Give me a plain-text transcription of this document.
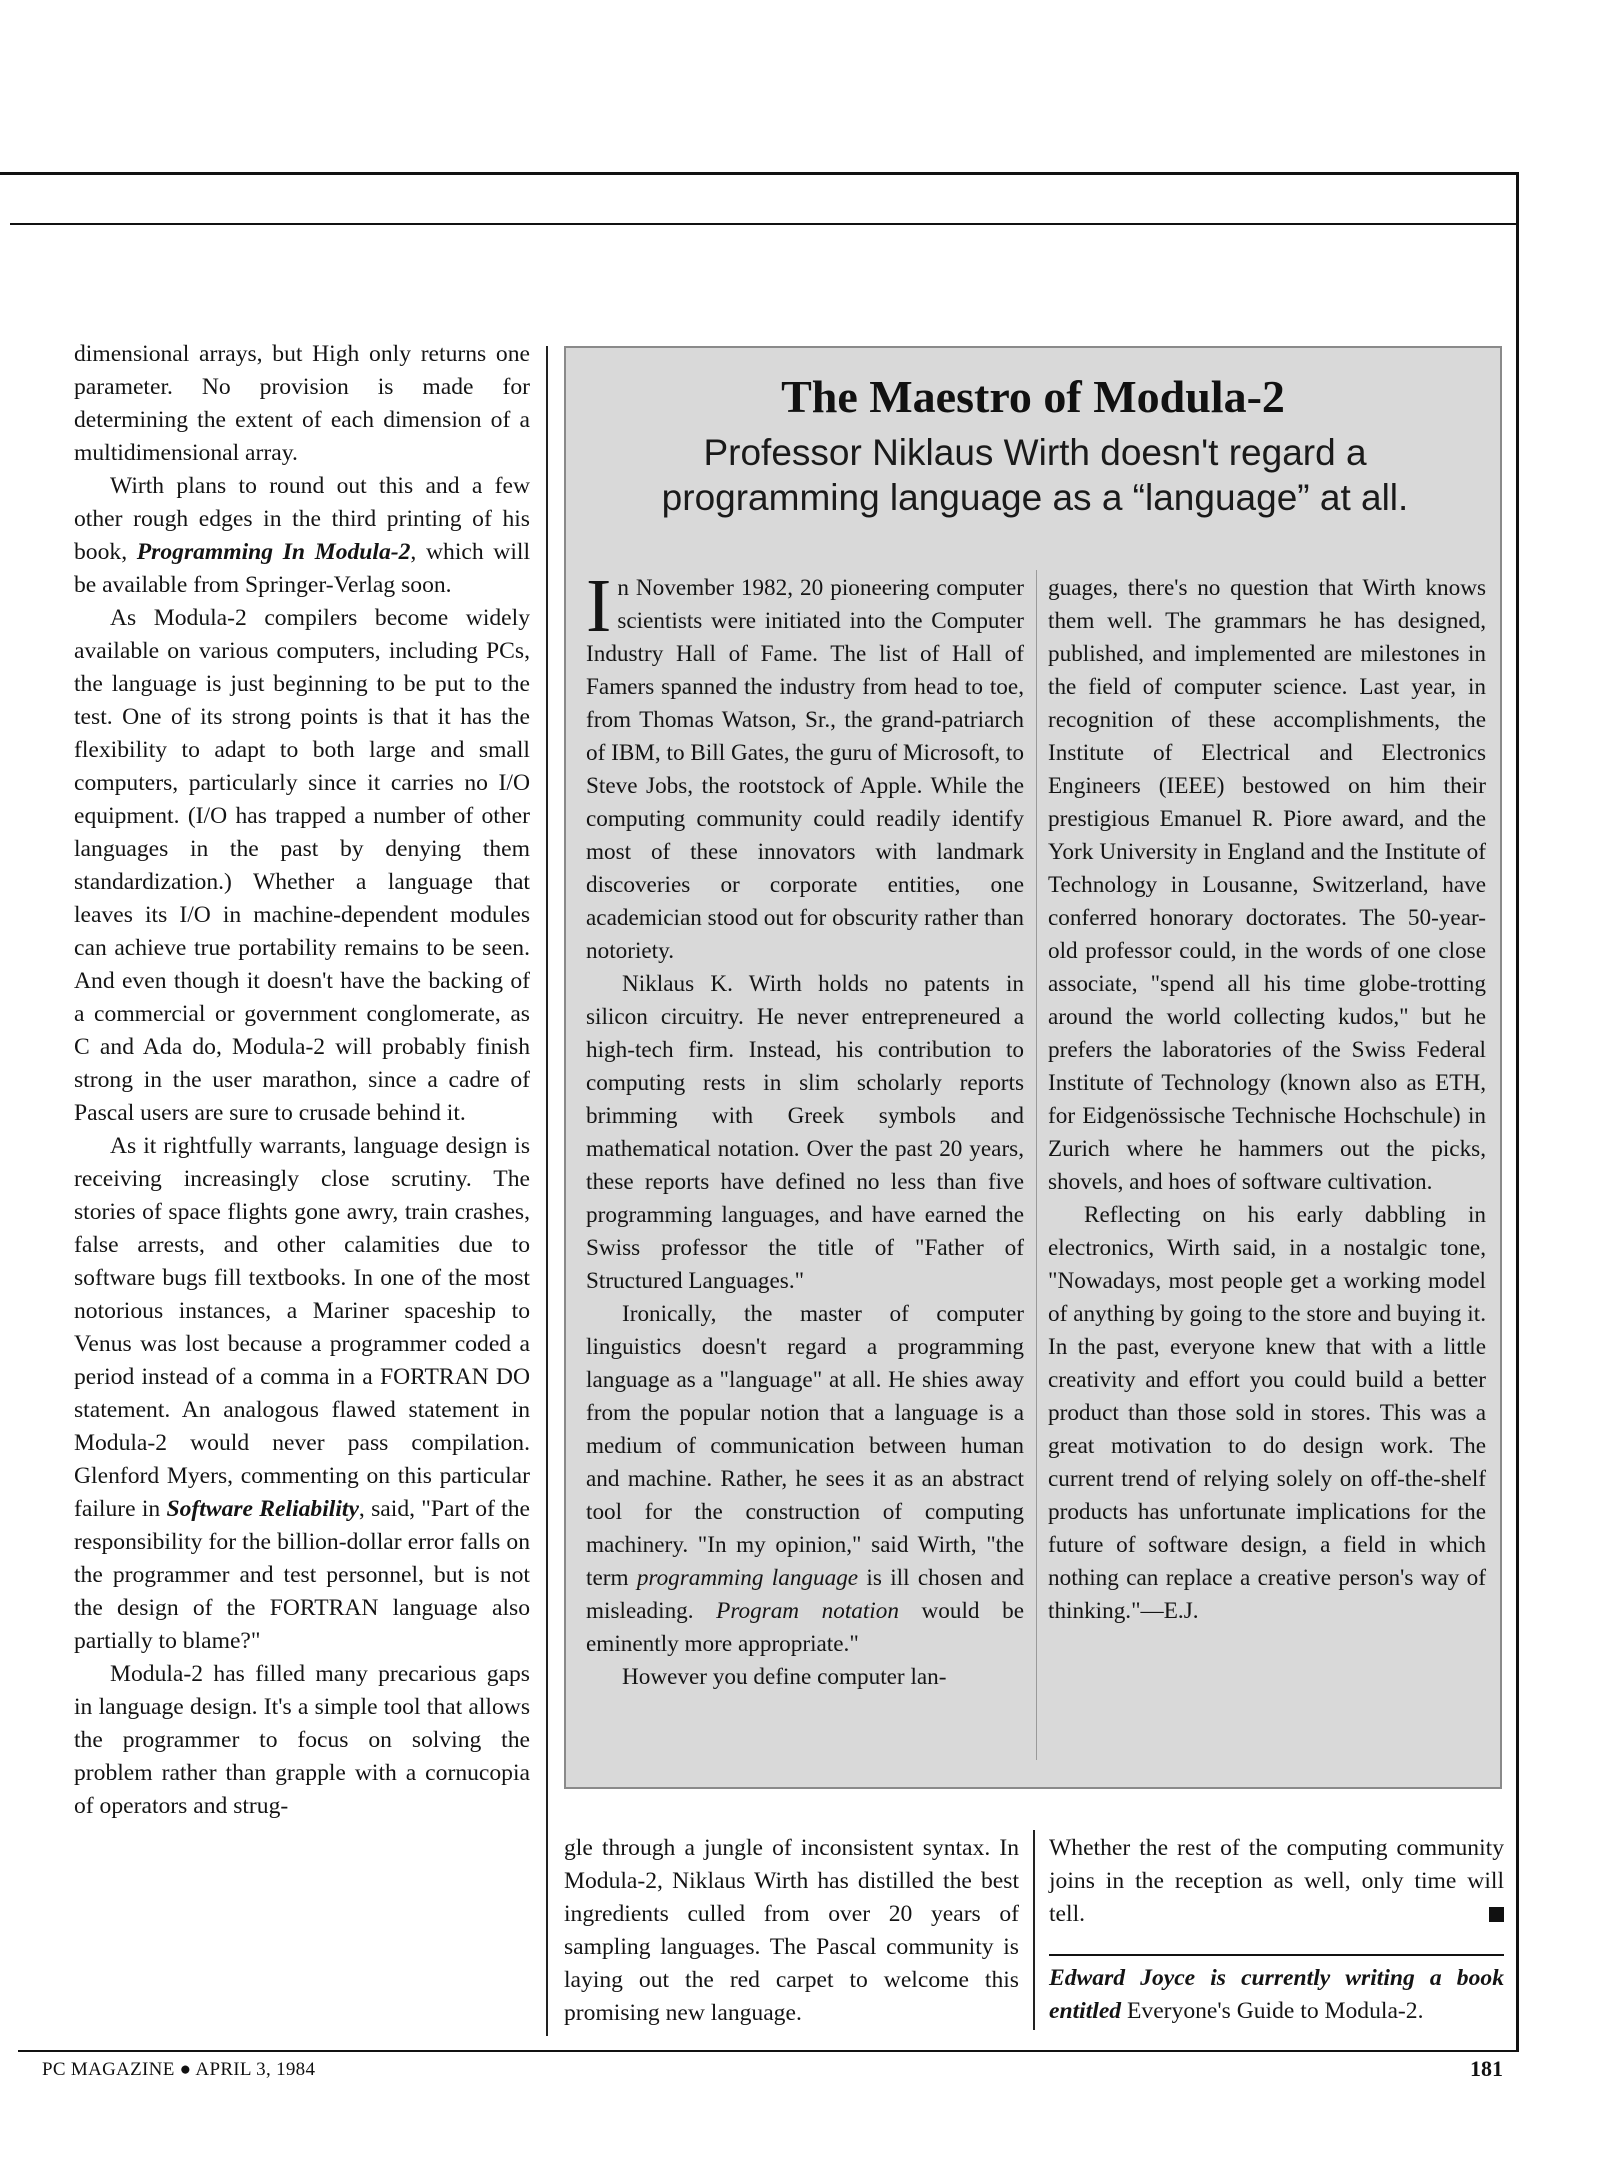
dimensional arrays, but High only returns one parameter. No provision is made for determining the extent of each dimension of a multidimensional array.

Wirth plans to round out this and a few other rough edges in the third printing of his book, Programming In Modula-2, which will be available from Springer-Verlag soon.

As Modula-2 compilers become widely available on various computers, including PCs, the language is just beginning to be put to the test. One of its strong points is that it has the flexibility to adapt to both large and small computers, particularly since it carries no I/O equipment. (I/O has trapped a number of other languages in the past by denying them standardization.) Whether a language that leaves its I/O in machine-dependent modules can achieve true portability remains to be seen. And even though it doesn't have the backing of a commercial or government conglomerate, as C and Ada do, Modula-2 will probably finish strong in the user marathon, since a cadre of Pascal users are sure to crusade behind it.

As it rightfully warrants, language design is receiving increasingly close scrutiny. The stories of space flights gone awry, train crashes, false arrests, and other calamities due to software bugs fill textbooks. In one of the most notorious instances, a Mariner spaceship to Venus was lost because a programmer coded a period instead of a comma in a FORTRAN DO statement. An analogous flawed statement in Modula-2 would never pass compilation. Glenford Myers, commenting on this particular failure in Software Reliability, said, "Part of the responsibility for the billion-dollar error falls on the programmer and test personnel, but is not the design of the FORTRAN language also partially to blame?"

Modula-2 has filled many precarious gaps in language design. It's a simple tool that allows the programmer to focus on solving the problem rather than grapple with a cornucopia of operators and strug-

The Maestro of Modula-2
Professor Niklaus Wirth doesn't regard a programming language as a “language” at all.

In November 1982, 20 pioneering computer scientists were initiated into the Computer Industry Hall of Fame. The list of Hall of Famers spanned the industry from head to toe, from Thomas Watson, Sr., the grand-patriarch of IBM, to Bill Gates, the guru of Microsoft, to Steve Jobs, the rootstock of Apple. While the computing community could readily identify most of these innovators with landmark discoveries or corporate entities, one academician stood out for obscurity rather than notoriety.

Niklaus K. Wirth holds no patents in silicon circuitry. He never entrepreneured a high-tech firm. Instead, his contribution to computing rests in slim scholarly reports brimming with Greek symbols and mathematical notation. Over the past 20 years, these reports have defined no less than five programming languages, and have earned the Swiss professor the title of "Father of Structured Languages."

Ironically, the master of computer linguistics doesn't regard a programming language as a "language" at all. He shies away from the popular notion that a language is a medium of communication between human and machine. Rather, he sees it as an abstract tool for the construction of computing machinery. "In my opinion," said Wirth, "the term programming language is ill chosen and misleading. Program notation would be eminently more appropriate."

However you define computer lan-

guages, there's no question that Wirth knows them well. The grammars he has designed, published, and implemented are milestones in the field of computer science. Last year, in recognition of these accomplishments, the Institute of Electrical and Electronics Engineers (IEEE) bestowed on him their prestigious Emanuel R. Piore award, and the York University in England and the Institute of Technology in Lousanne, Switzerland, have conferred honorary doctorates. The 50-year-old professor could, in the words of one close associate, "spend all his time globe-trotting around the world collecting kudos," but he prefers the laboratories of the Swiss Federal Institute of Technology (known also as ETH, for Eidgenössische Technische Hochschule) in Zurich where he hammers out the picks, shovels, and hoes of software cultivation.

Reflecting on his early dabbling in electronics, Wirth said, in a nostalgic tone, "Nowadays, most people get a working model of anything by going to the store and buying it. In the past, everyone knew that with a little creativity and effort you could build a better product than those sold in stores. This was a great motivation to do design work. The current trend of relying solely on off-the-shelf products has unfortunate implications for the future of software design, a field in which nothing can replace a creative person's way of thinking."—E.J.

gle through a jungle of inconsistent syntax. In Modula-2, Niklaus Wirth has distilled the best ingredients culled from over 20 years of sampling languages. The Pascal community is laying out the red carpet to welcome this promising new language.

Whether the rest of the computing community joins in the reception as well, only time will tell.

Edward Joyce is currently writing a book entitled Everyone's Guide to Modula-2.

PC MAGAZINE ● APRIL 3, 1984	181
